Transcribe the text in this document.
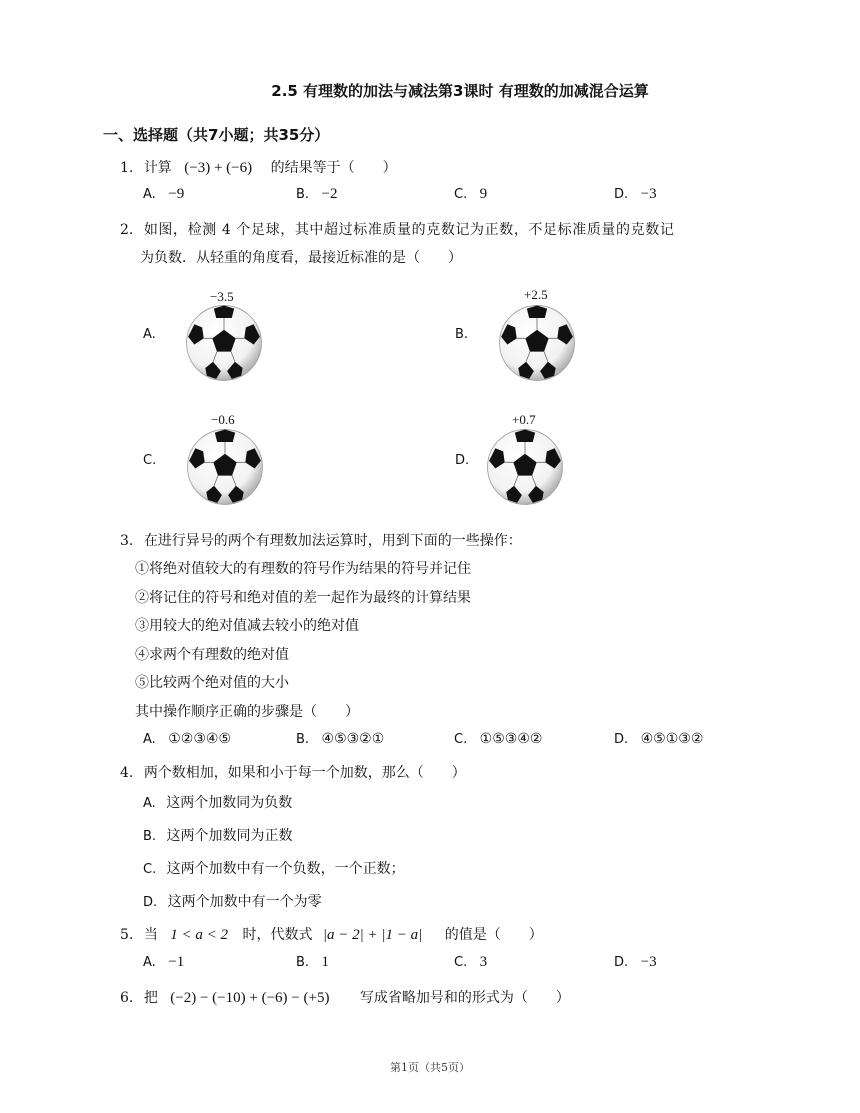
2.5 有理数的加法与减法第3课时 有理数的加减混合运算
一、选择题（共7小题；共35分）
1. 计算 (−3) + (−6) 的结果等于（　　）
A. −9	B. −2	C. 9	D. −3
2. 如图，检测 4 个足球，其中超过标准质量的克数记为正数，不足标准质量的克数记
为负数．从轻重的角度看，最接近标准的是（　　）
A.
−3.5
B.
+2.5
C.
−0.6
D.
+0.7
3. 在进行异号的两个有理数加法运算时，用到下面的一些操作：
①将绝对值较大的有理数的符号作为结果的符号并记住
②将记住的符号和绝对值的差一起作为最终的计算结果
③用较大的绝对值减去较小的绝对值
④求两个有理数的绝对值
⑤比较两个绝对值的大小
其中操作顺序正确的步骤是（　　）
A. ①②③④⑤	B. ④⑤③②①	C. ①⑤③④②	D. ④⑤①③②
4. 两个数相加，如果和小于每一个加数，那么（　　）
A. 这两个加数同为负数
B. 这两个加数同为正数
C. 这两个加数中有一个负数，一个正数；
D. 这两个加数中有一个为零
5. 当 1 < a < 2 时，代数式 |a − 2| + |1 − a| 的值是（　　）
A. −1	B. 1	C. 3	D. −3
6. 把 (−2) − (−10) + (−6) − (+5) 写成省略加号和的形式为（　　）
第1页（共5页）
